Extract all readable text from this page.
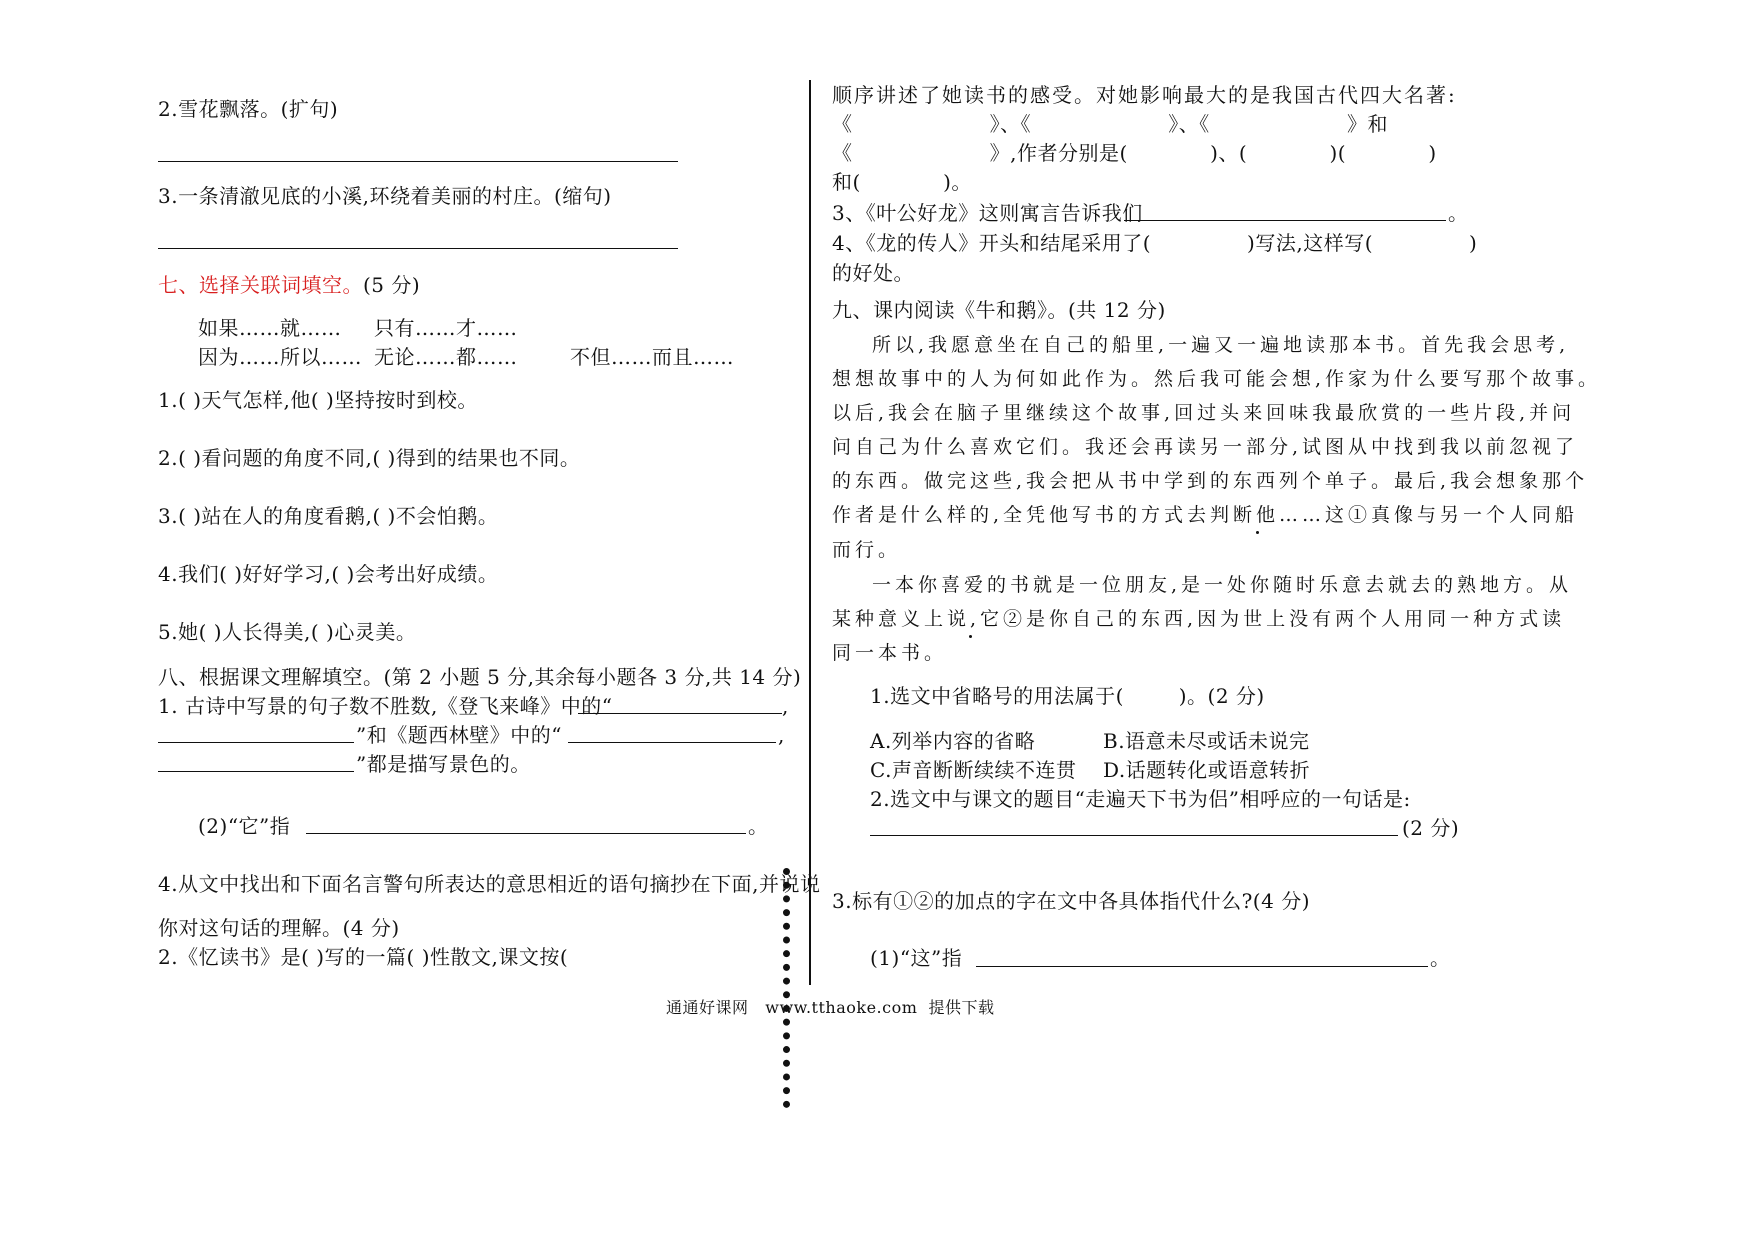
2.雪花飘落。(扩句)
3.一条清澈见底的小溪,环绕着美丽的村庄。(缩句)
七、选择关联词填空。(5 分)
如果……就…… 只有……才……
因为……所以…… 无论……都……	不但……而且……
1.( )天气怎样,他( )坚持按时到校。
2.( )看问题的角度不同,( )得到的结果也不同。
3.( )站在人的角度看鹅,( )不会怕鹅。
4.我们( )好好学习,( )会考出好成绩。
5.她( )人长得美,( )心灵美。
八、根据课文理解填空。(第 2 小题 5 分,其余每小题各 3 分,共 14 分)
1. 古诗中写景的句子数不胜数,《登飞来峰》中的“	,
”和《题西林壁》中的“	,
”都是描写景色的。
(2)“它”指	。
4.从文中找出和下面名言警句所表达的意思相近的语句摘抄在下面,并说说
你对这句话的理解。(4 分)
2.《忆读书》是( )写的一篇( )性散文,课文按(
顺序讲述了她读书的感受。对她影响最大的是我国古代四大名著:
《                    》、《                    》、《                    》和
《                    》,作者分别是(            )、(            )(            )
和(            )。
3、《叶公好龙》这则寓言告诉我们	。
4、《龙的传人》开头和结尾采用了(              )写法,这样写(              )
的好处。
九、课内阅读《牛和鹅》。(共 12 分)
所以,我愿意坐在自己的船里,一遍又一遍地读那本书。首先我会思考,
想想故事中的人为何如此作为。然后我可能会想,作家为什么要写那个故事。
以后,我会在脑子里继续这个故事,回过头来回味我最欣赏的一些片段,并问
问自己为什么喜欢它们。我还会再读另一部分,试图从中找到我以前忽视了
的东西。做完这些,我会把从书中学到的东西列个单子。最后,我会想象那个
作者是什么样的,全凭他写书的方式去判断他……这①真像与另一个人同船
而行。
一本你喜爱的书就是一位朋友,是一处你随时乐意去就去的熟地方。从
某种意义上说,它②是你自己的东西,因为世上没有两个人用同一种方式读
同一本书。
1.选文中省略号的用法属于(        )。(2 分)
A.列举内容的省略	B.语意未尽或话未说完
C.声音断断续续不连贯 D.话题转化或语意转折
2.选文中与课文的题目“走遍天下书为侣”相呼应的一句话是:
(2 分)
3.标有①②的加点的字在文中各具体指代什么?(4 分)
(1)“这”指	。
通通好课网   www.tthaoke.com  提供下载
